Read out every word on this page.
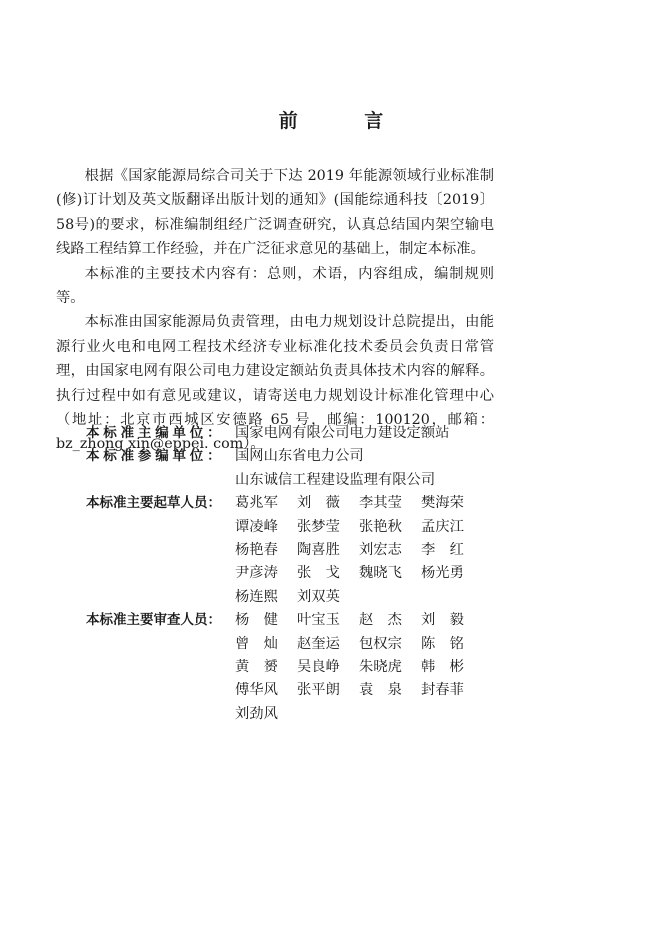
前 言

根据《国家能源局综合司关于下达 2019 年能源领域行业标准制(修)订计划及英文版翻译出版计划的通知》(国能综通科技〔2019〕58号)的要求，标准编制组经广泛调查研究，认真总结国内架空输电线路工程结算工作经验，并在广泛征求意见的基础上，制定本标准。

本标准的主要技术内容有：总则，术语，内容组成，编制规则等。

本标准由国家能源局负责管理，由电力规划设计总院提出，由能源行业火电和电网工程技术经济专业标准化技术委员会负责日常管理，由国家电网有限公司电力建设定额站负责具体技术内容的解释。执行过程中如有意见或建议，请寄送电力规划设计标准化管理中心（地址：北京市西城区安德路 65 号，邮编：100120，邮箱：bz_zhong xin@eppei. com）。

本标准主编单位： 国家电网有限公司电力建设定额站
本标准参编单位： 国网山东省电力公司
山东诚信工程建设监理有限公司
本标准主要起草人员： 葛兆军	刘　薇	李其莹	樊海荣
谭凌峰	张梦莹	张艳秋	孟庆江
杨艳春	陶喜胜	刘宏志	李　红
尹彦涛	张　戈	魏晓飞	杨光勇
杨连熙	刘双英
本标准主要审查人员： 杨　健	叶宝玉	赵　杰	刘　毅
曾　灿	赵奎运	包权宗	陈　铭
黄　赟	吴良峥	朱晓虎	韩　彬
傅华风	张平朗	袁　泉	封春菲
刘劲风
